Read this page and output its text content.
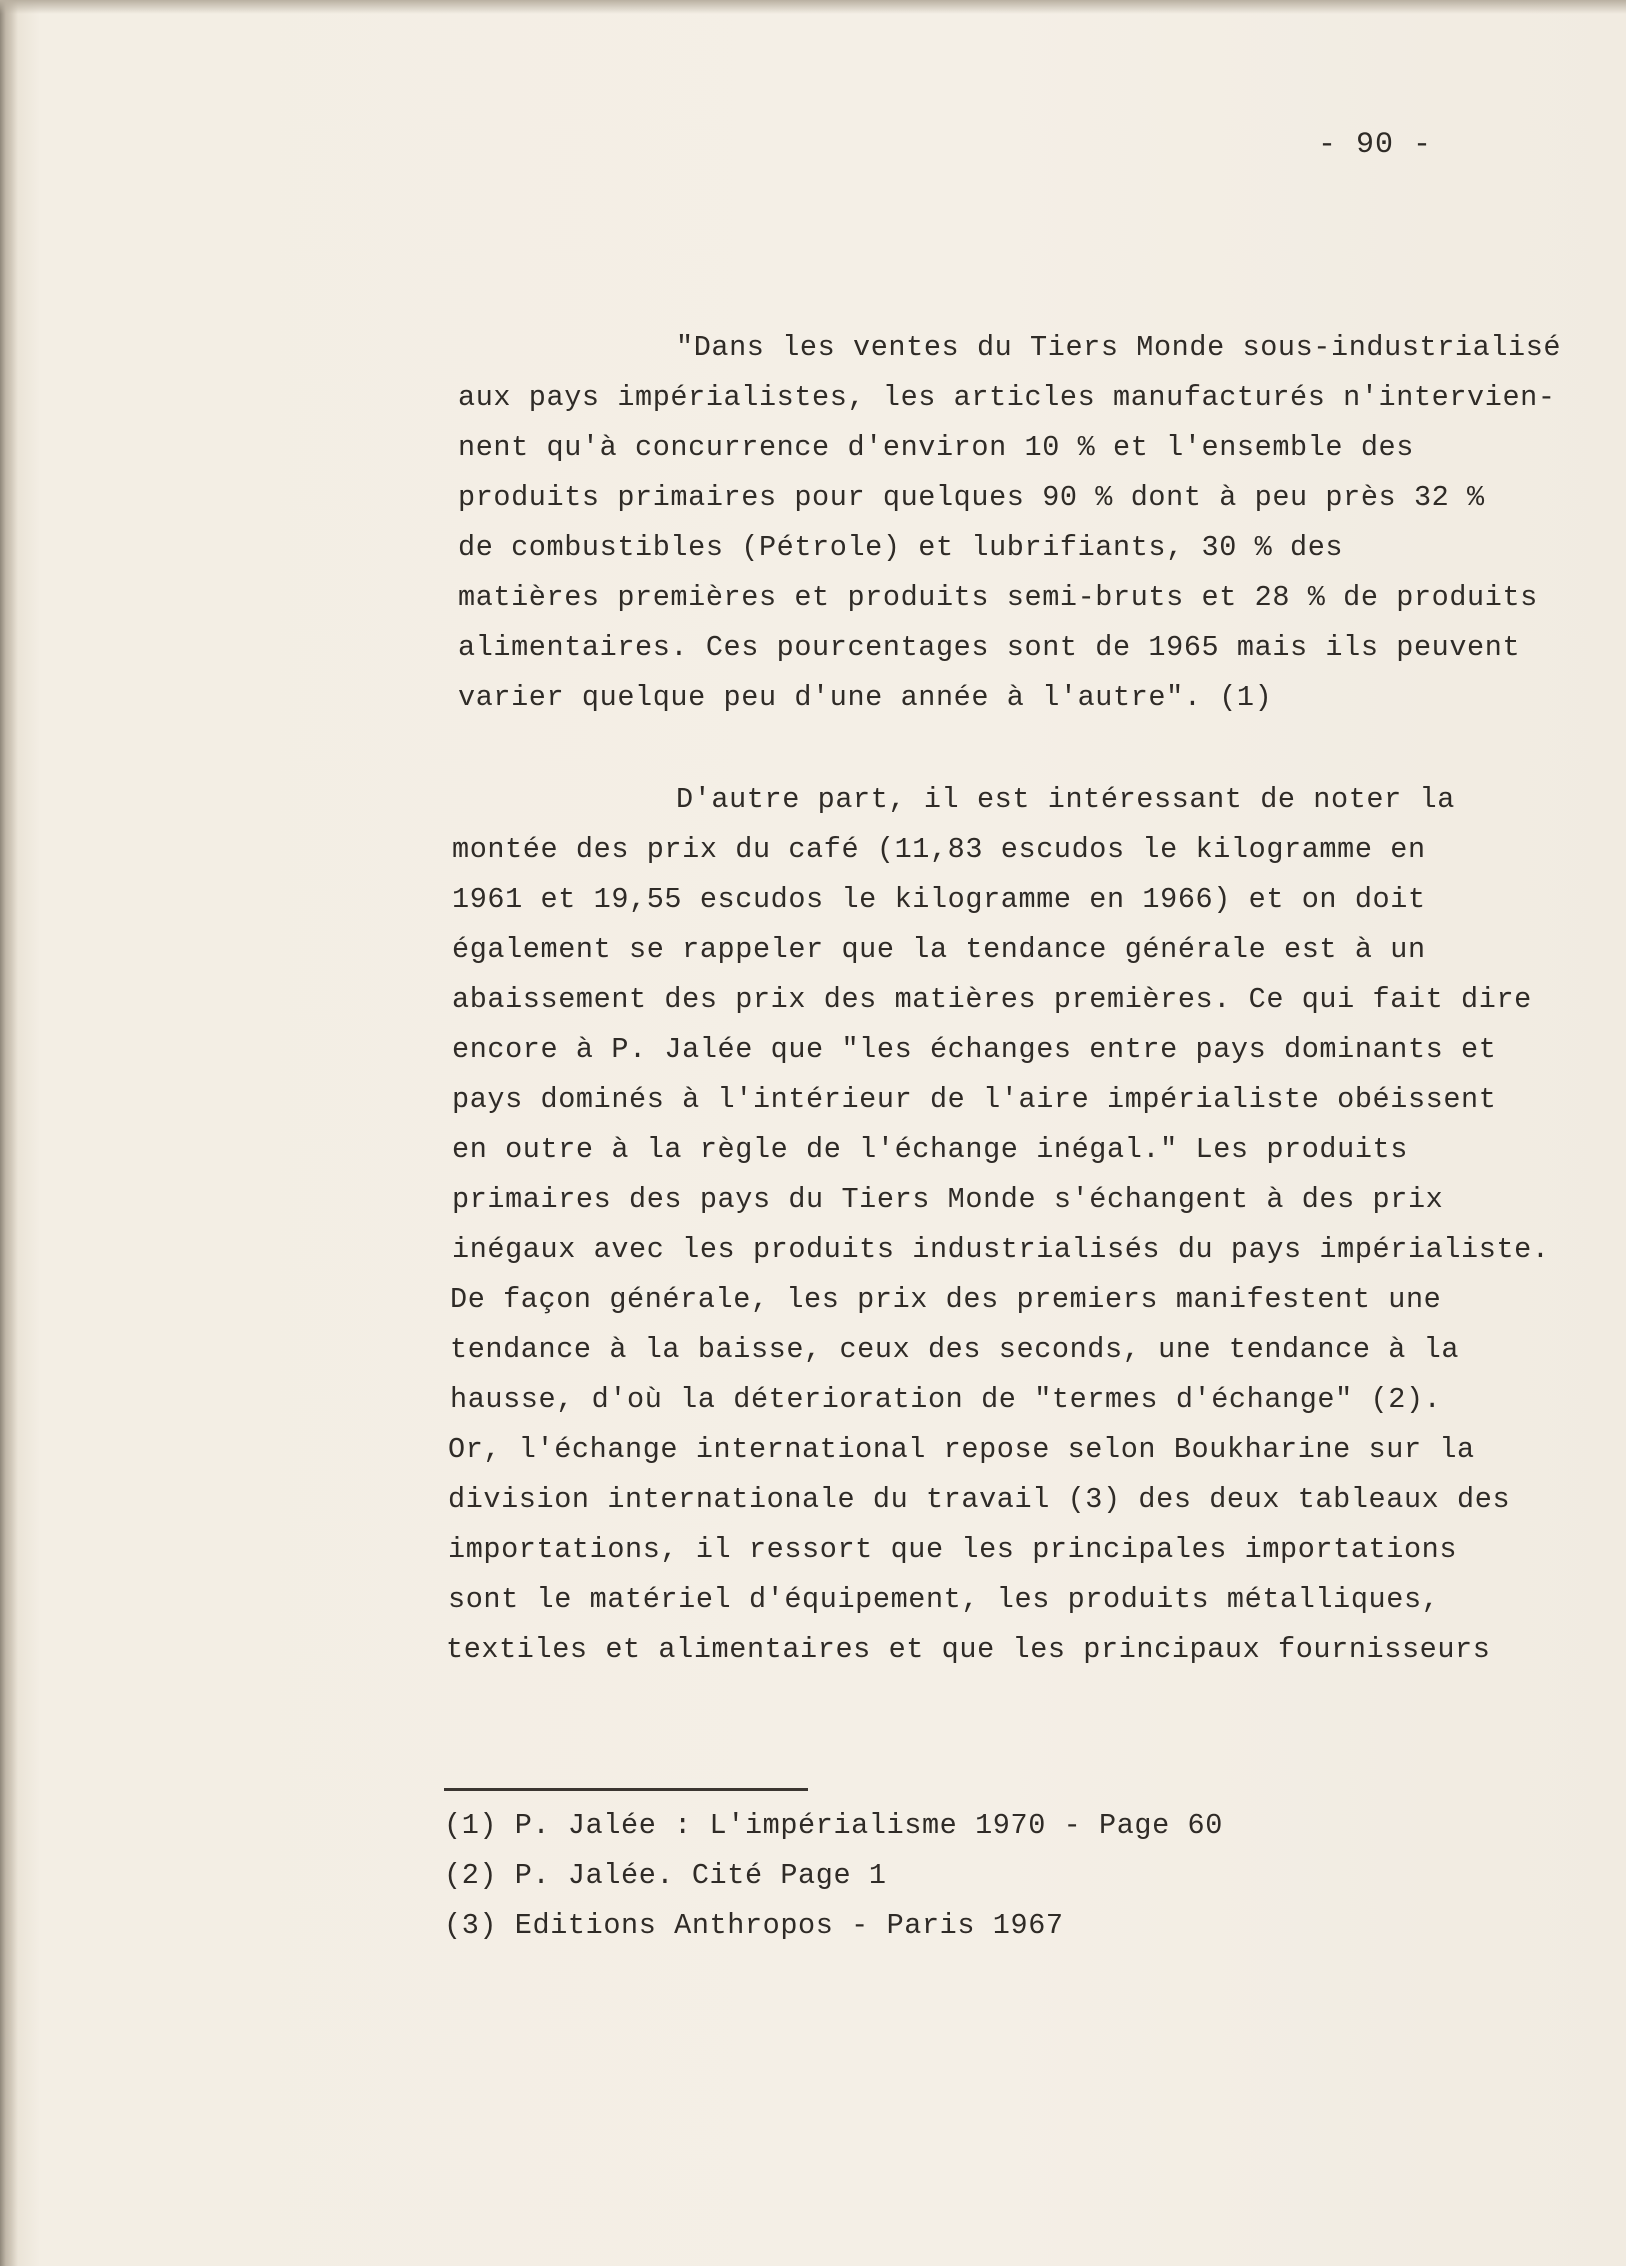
- 90 -
"Dans les ventes du Tiers Monde sous-industrialisé
aux pays impérialistes, les articles manufacturés n'intervien-
nent qu'à concurrence d'environ 10 % et l'ensemble des
produits primaires pour quelques 90 % dont à peu près 32 %
de combustibles (Pétrole) et lubrifiants, 30 % des
matières premières et produits semi-bruts et 28 % de produits
alimentaires. Ces pourcentages sont de 1965 mais ils peuvent
varier quelque peu d'une année à l'autre". (1)
D'autre part, il est intéressant de noter la
montée des prix du café (11,83 escudos le kilogramme en
1961 et 19,55 escudos le kilogramme en 1966) et on doit
également se rappeler que la tendance générale est à un
abaissement des prix des matières premières. Ce qui fait dire
encore à P. Jalée que "les échanges entre pays dominants et
pays dominés à l'intérieur de l'aire impérialiste obéissent
en outre à la règle de l'échange inégal." Les produits
primaires des pays du Tiers Monde s'échangent à des prix
inégaux avec les produits industrialisés du pays impérialiste.
De façon générale, les prix des premiers manifestent une
tendance à la baisse, ceux des seconds, une tendance à la
hausse, d'où la déterioration de "termes d'échange" (2).
Or, l'échange international repose selon Boukharine sur la
division internationale du travail (3) des deux tableaux des
importations, il ressort que les principales importations
sont le matériel d'équipement, les produits métalliques,
textiles et alimentaires et que les principaux fournisseurs
(1) P. Jalée : L'impérialisme 1970 - Page 60
(2) P. Jalée. Cité Page 1
(3) Editions Anthropos - Paris 1967
